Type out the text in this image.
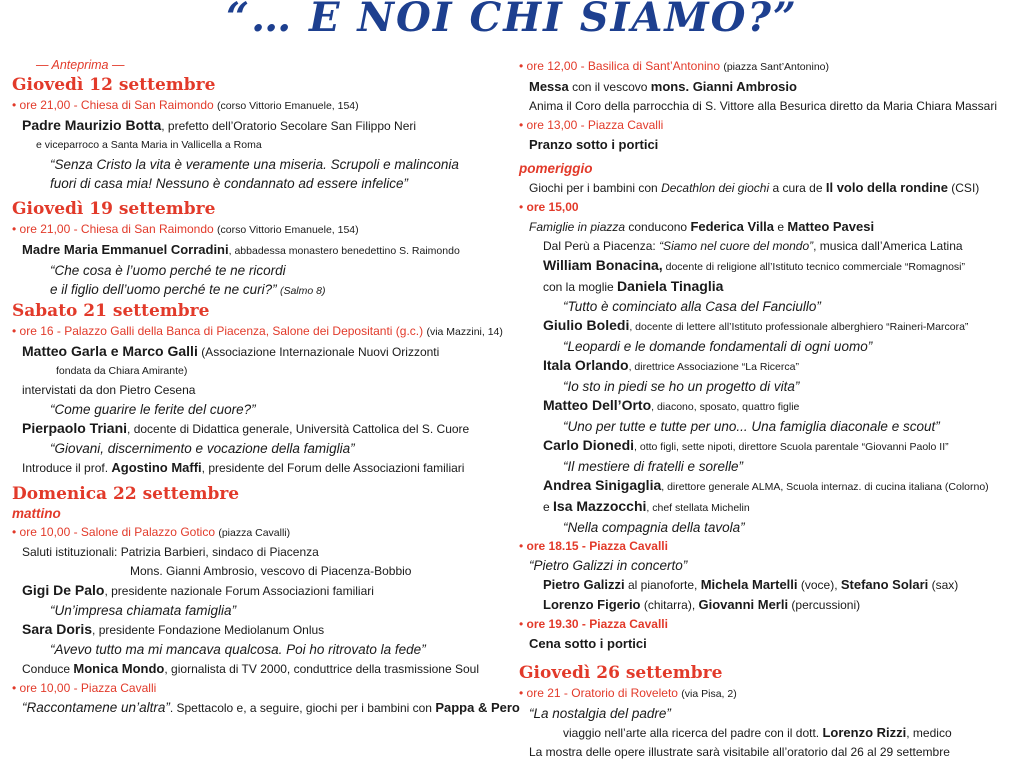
“… E NOI CHI SIAMO?”
— Anteprima —
Giovedì 12 settembre
• ore 21,00 - Chiesa di San Raimondo (corso Vittorio Emanuele, 154)
Padre Maurizio Botta, prefetto dell’Oratorio Secolare San Filippo Neri
e viceparroco a Santa Maria in Vallicella a Roma
“Senza Cristo la vita è veramente una miseria. Scrupoli e malinconia
fuori di casa mia! Nessuno è condannato ad essere infelice”
Giovedì 19 settembre
• ore 21,00 - Chiesa di San Raimondo (corso Vittorio Emanuele, 154)
Madre Maria Emmanuel Corradini, abbadessa monastero benedettino S. Raimondo
“Che cosa è l’uomo perché te ne ricordi
e il figlio dell’uomo perché te ne curi?” (Salmo 8)
Sabato 21 settembre
• ore 16 - Palazzo Galli della Banca di Piacenza, Salone dei Depositanti (g.c.) (via Mazzini, 14)
Matteo Garla e Marco Galli (Associazione Internazionale Nuovi Orizzonti
fondata da Chiara Amirante)
intervistati da don Pietro Cesena
“Come guarire le ferite del cuore?”
Pierpaolo Triani, docente di Didattica generale, Università Cattolica del S. Cuore
“Giovani, discernimento e vocazione della famiglia”
Introduce il prof. Agostino Maffi, presidente del Forum delle Associazioni familiari
Domenica 22 settembre
mattino
• ore 10,00 - Salone di Palazzo Gotico (piazza Cavalli)
Saluti istituzionali: Patrizia Barbieri, sindaco di Piacenza
Mons. Gianni Ambrosio, vescovo di Piacenza-Bobbio
Gigi De Palo, presidente nazionale Forum Associazioni familiari
“Un’impresa chiamata famiglia”
Sara Doris, presidente Fondazione Mediolanum Onlus
“Avevo tutto ma mi mancava qualcosa. Poi ho ritrovato la fede”
Conduce Monica Mondo, giornalista di TV 2000, conduttrice della trasmissione Soul
• ore 10,00 - Piazza Cavalli
“Raccontamene un’altra”. Spettacolo e, a seguire, giochi per i bambini con Pappa & Pero
• ore 12,00 - Basilica di Sant’Antonino (piazza Sant’Antonino)
Messa con il vescovo mons. Gianni Ambrosio
Anima il Coro della parrocchia di S. Vittore alla Besurica diretto da Maria Chiara Massari
• ore 13,00 - Piazza Cavalli
Pranzo sotto i portici
pomeriggio
Giochi per i bambini con Decathlon dei giochi a cura de Il volo della rondine (CSI)
• ore 15,00
Famiglie in piazza conducono Federica Villa e Matteo Pavesi
Dal Perù a Piacenza: “Siamo nel cuore del mondo”, musica dall’America Latina
William Bonacina, docente di religione all’Istituto tecnico commerciale “Romagnosi”
con la moglie Daniela Tinaglia
“Tutto è cominciato alla Casa del Fanciullo”
Giulio Boledi, docente di lettere all’Istituto professionale alberghiero “Raineri-Marcora”
“Leopardi e le domande fondamentali di ogni uomo”
Itala Orlando, direttrice Associazione “La Ricerca”
“Io sto in piedi se ho un progetto di vita”
Matteo Dell’Orto, diacono, sposato, quattro figlie
“Uno per tutte e tutte per uno... Una famiglia diaconale e scout”
Carlo Dionedi, otto figli, sette nipoti, direttore Scuola parentale “Giovanni Paolo II”
“Il mestiere di fratelli e sorelle”
Andrea Sinigaglia, direttore generale ALMA, Scuola internaz. di cucina italiana (Colorno)
e Isa Mazzocchi, chef stellata Michelin
“Nella compagnia della tavola”
• ore 18.15 - Piazza Cavalli
“Pietro Galizzi in concerto”
Pietro Galizzi al pianoforte, Michela Martelli (voce), Stefano Solari (sax)
Lorenzo Figerio (chitarra), Giovanni Merli (percussioni)
• ore 19.30 - Piazza Cavalli
Cena sotto i portici
Giovedì 26 settembre
• ore 21 - Oratorio di Roveleto (via Pisa, 2)
“La nostalgia del padre”
viaggio nell’arte alla ricerca del padre con il dott. Lorenzo Rizzi, medico
La mostra delle opere illustrate sarà visitabile all’oratorio dal 26 al 29 settembre
